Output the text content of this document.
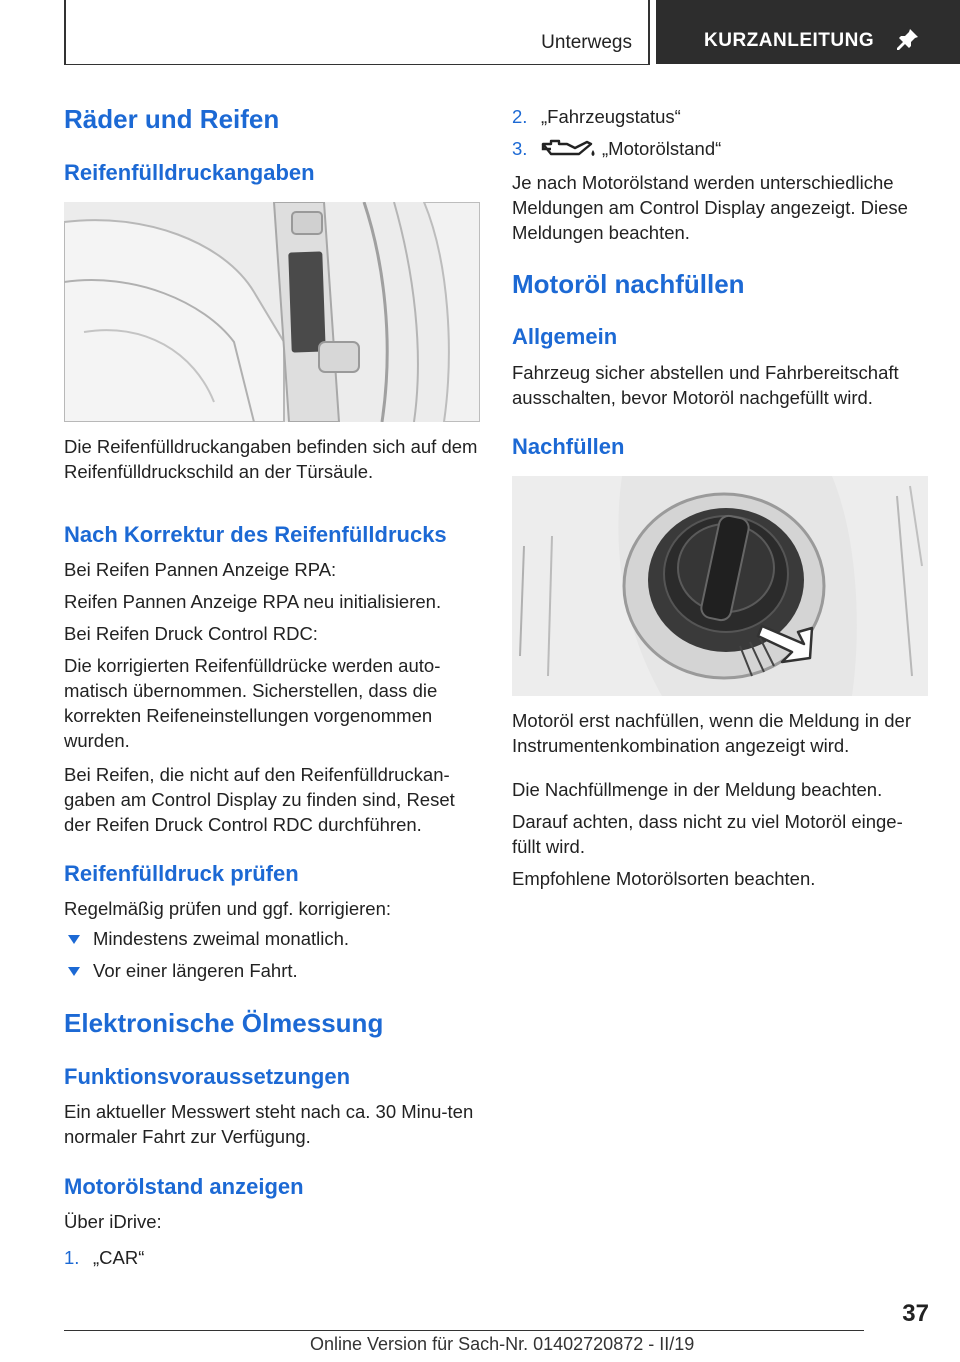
Unterwegs	KURZANLEITUNG
Räder und Reifen
Reifenfülldruckangaben

Die Reifenfülldruckangaben befinden sich auf dem Reifenfülldruckschild an der Türsäule.

Nach Korrektur des Reifenfülldrucks

Bei Reifen Pannen Anzeige RPA:

Reifen Pannen Anzeige RPA neu initialisieren.

Bei Reifen Druck Control RDC:

Die korrigierten Reifenfülldrücke werden auto-matisch übernommen. Sicherstellen, dass die korrekten Reifeneinstellungen vorgenommen wurden.

Bei Reifen, die nicht auf den Reifenfülldruckan-gaben am Control Display zu finden sind, Reset der Reifen Druck Control RDC durchführen.

Reifenfülldruck prüfen

Regelmäßig prüfen und ggf. korrigieren:

Mindestens zweimal monatlich.
Vor einer längeren Fahrt.
Elektronische Ölmessung
Funktionsvoraussetzungen

Ein aktueller Messwert steht nach ca. 30 Minu-ten normaler Fahrt zur Verfügung.

Motorölstand anzeigen

Über iDrive:

1. „CAR“
2. „Fahrzeugstatus“
3.	„Motorölstand“

Je nach Motorölstand werden unterschiedliche Meldungen am Control Display angezeigt. Diese Meldungen beachten.

Motoröl nachfüllen
Allgemein

Fahrzeug sicher abstellen und Fahrbereitschaft ausschalten, bevor Motoröl nachgefüllt wird.

Nachfüllen

Motoröl erst nachfüllen, wenn die Meldung in der Instrumentenkombination angezeigt wird.

Die Nachfüllmenge in der Meldung beachten.

Darauf achten, dass nicht zu viel Motoröl einge-füllt wird.

Empfohlene Motorölsorten beachten.

37
Online Version für Sach-Nr. 01402720872 - II/19
